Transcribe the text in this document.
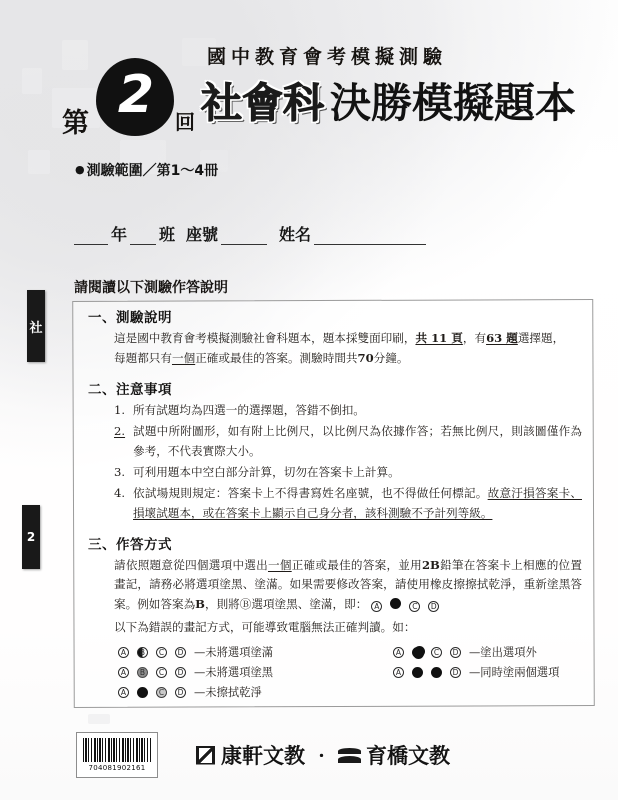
社
2
國中教育會考模擬測驗
第 2	回 社會科 決勝模擬題本
● 測驗範圍／第1～4冊
年 班 座號	姓名
請閱讀以下測驗作答說明
一、測驗說明

這是國中教育會考模擬測驗社會科題本，題本採雙面印刷，共 11 頁，有63 題選擇題，
每題都只有一個正確或最佳的答案。測驗時間共70分鐘。

二、注意事項
1. 所有試題均為四選一的選擇題，答錯不倒扣。
2. 試題中所附圖形，如有附上比例尺，以比例尺為依據作答；若無比例尺，則該圖僅作為參考，不代表實際大小。
3. 可利用題本中空白部分計算，切勿在答案卡上計算。
4. 依試場規則規定：答案卡上不得書寫姓名座號，也不得做任何標記。故意汙損答案卡、損壞試題本，或在答案卡上顯示自己身分者，該科測驗不予計列等級。
三、作答方式

請依照題意從四個選項中選出一個正確或最佳的答案，並用2B鉛筆在答案卡上相應的位置畫記，請務必將選項塗黑、塗滿。如果需要修改答案，請使用橡皮擦擦拭乾淨，重新塗黑答案。例如答案為B，則將Ⓑ選項塗黑、塗滿，即： A	C D

以下為錯誤的畫記方式，可能導致電腦無法正確判讀。如：

A	B	C	D —未將選項塗滿
A	B	C	D —未將選項塗黑
A	C	D —未擦拭乾淨
A	C	D —塗出選項外
A	D —同時塗兩個選項
704081902161	康軒文教 ・ 育橋文教
